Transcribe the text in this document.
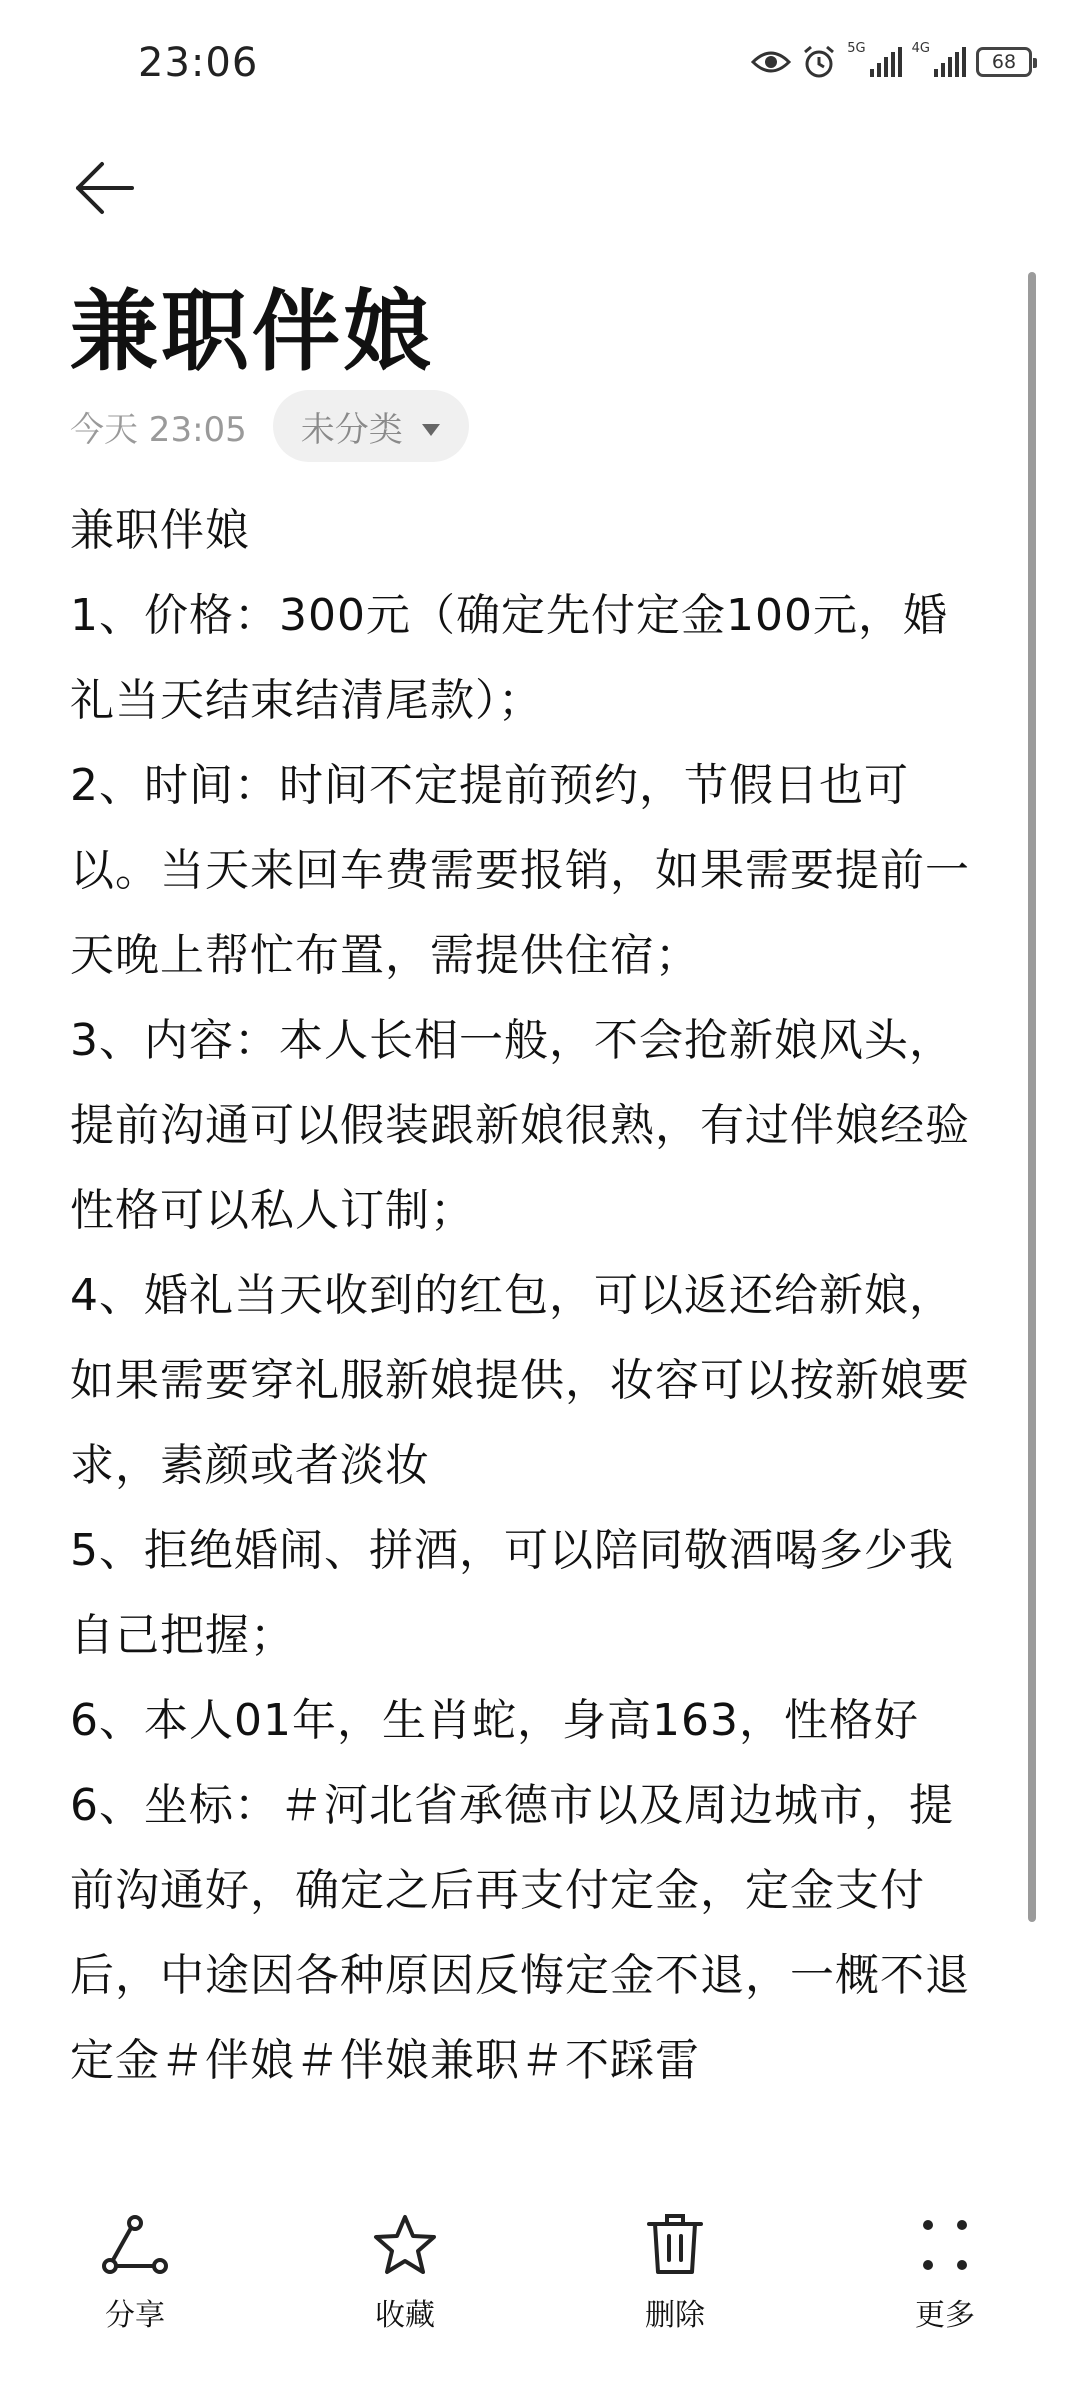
23:06	5G	4G
68
兼职伴娘
今天 23:05 未分类
兼职伴娘
1、价格：300元（确定先付定金100元，婚礼当天结束结清尾款）；
2、时间：时间不定提前预约，节假日也可以。当天来回车费需要报销，如果需要提前一天晚上帮忙布置，需提供住宿；
3、内容：本人长相一般，不会抢新娘风头，提前沟通可以假装跟新娘很熟，有过伴娘经验性格可以私人订制；
4、婚礼当天收到的红包，可以返还给新娘，如果需要穿礼服新娘提供，妆容可以按新娘要求，素颜或者淡妆
5、拒绝婚闹、拼酒，可以陪同敬酒喝多少我自己把握；
6、本人01年，生肖蛇，身高163，性格好
6、坐标：＃河北省承德市以及周边城市，提前沟通好，确定之后再支付定金，定金支付后，中途因各种原因反悔定金不退，一概不退定金＃伴娘＃伴娘兼职＃不踩雷
分享	收藏	删除	更多
